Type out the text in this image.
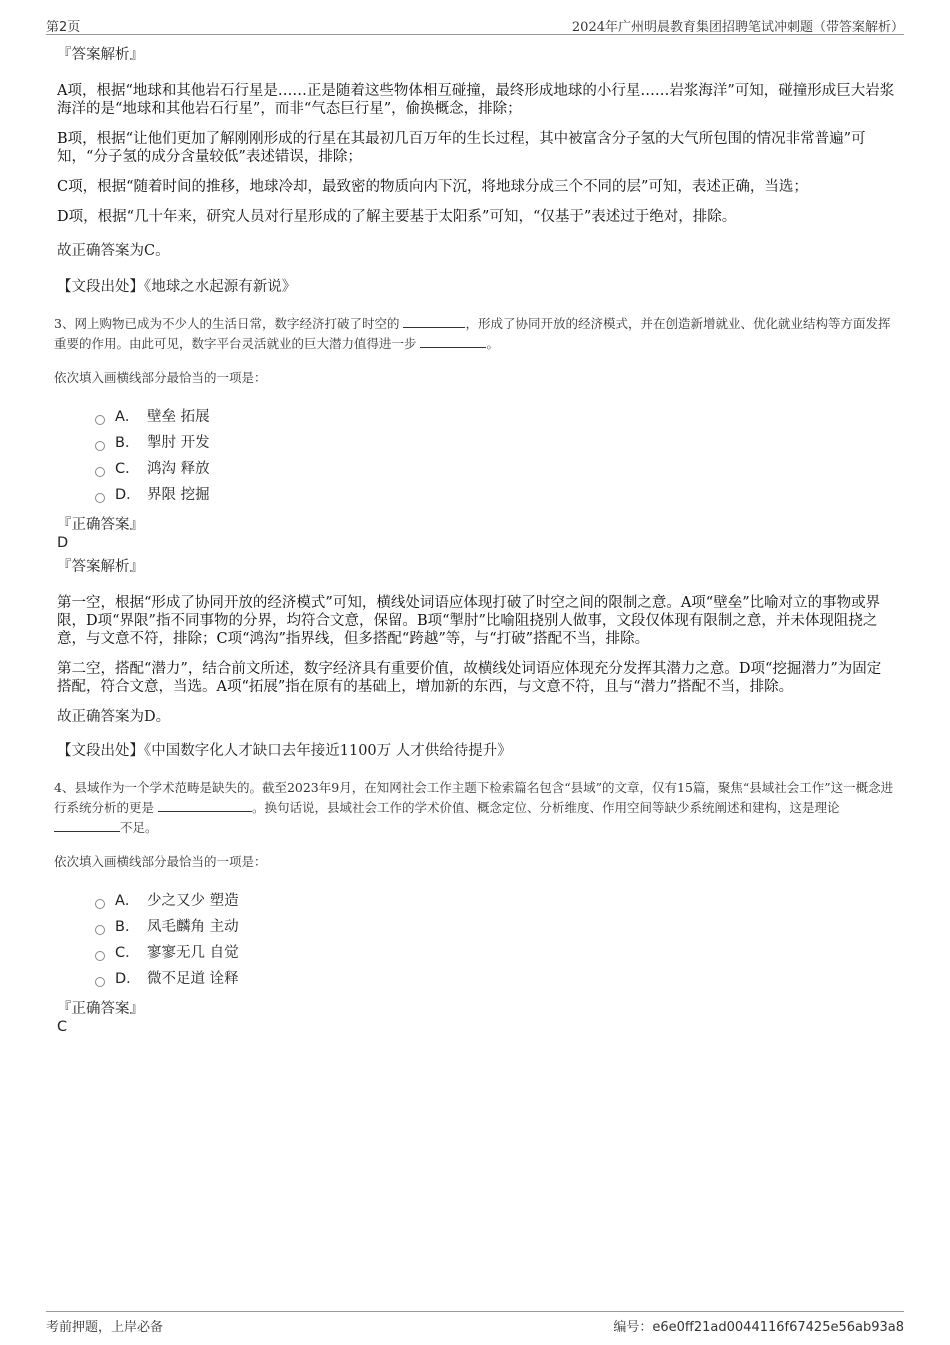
第2页	2024年广州明晨教育集团招聘笔试冲刺题（带答案解析）
『答案解析』

A项，根据“地球和其他岩石行星是……正是随着这些物体相互碰撞，最终形成地球的小行星……岩浆海洋”可知，碰撞形成巨大岩浆海洋的是“地球和其他岩石行星”，而非“气态巨行星”，偷换概念，排除；

B项，根据“让他们更加了解刚刚形成的行星在其最初几百万年的生长过程，其中被富含分子氢的大气所包围的情况非常普遍”可知，“分子氢的成分含量较低”表述错误，排除；

C项，根据“随着时间的推移，地球冷却，最致密的物质向内下沉，将地球分成三个不同的层”可知，表述正确，当选；

D项，根据“几十年来，研究人员对行星形成的了解主要基于太阳系”可知，“仅基于”表述过于绝对，排除。

故正确答案为C。

【文段出处】《地球之水起源有新说》

3、网上购物已成为不少人的生活日常，数字经济打破了时空的	，形成了协同开放的经济模式，并在创造新增就业、优化就业结构等方面发挥重要的作用。由此可见，数字平台灵活就业的巨大潜力值得进一步	。

依次填入画横线部分最恰当的一项是：

A． 壁垒 拓展
B． 掣肘 开发
C． 鸿沟 释放
D． 界限 挖掘
『正确答案』
D
『答案解析』

第一空，根据“形成了协同开放的经济模式”可知，横线处词语应体现打破了时空之间的限制之意。A项“壁垒”比喻对立的事物或界限，D项“界限”指不同事物的分界，均符合文意，保留。B项“掣肘”比喻阻挠别人做事，文段仅体现有限制之意，并未体现阻挠之意，与文意不符，排除；C项“鸿沟”指界线，但多搭配“跨越”等，与“打破”搭配不当，排除。

第二空，搭配“潜力”，结合前文所述，数字经济具有重要价值，故横线处词语应体现充分发挥其潜力之意。D项“挖掘潜力”为固定搭配，符合文意，当选。A项“拓展”指在原有的基础上，增加新的东西，与文意不符，且与“潜力”搭配不当，排除。

故正确答案为D。

【文段出处】《中国数字化人才缺口去年接近1100万 人才供给待提升》

4、县域作为一个学术范畴是缺失的。截至2023年9月，在知网社会工作主题下检索篇名包含“县域”的文章，仅有15篇，聚焦“县域社会工作”这一概念进行系统分析的更是	。换句话说，县域社会工作的学术价值、概念定位、分析维度、作用空间等缺少系统阐述和建构，这是理论 不足。

依次填入画横线部分最恰当的一项是：

A． 少之又少 塑造
B． 凤毛麟角 主动
C． 寥寥无几 自觉
D． 微不足道 诠释
『正确答案』
C
考前押题，上岸必备	编号：e6e0ff21ad0044116f67425e56ab93a8
